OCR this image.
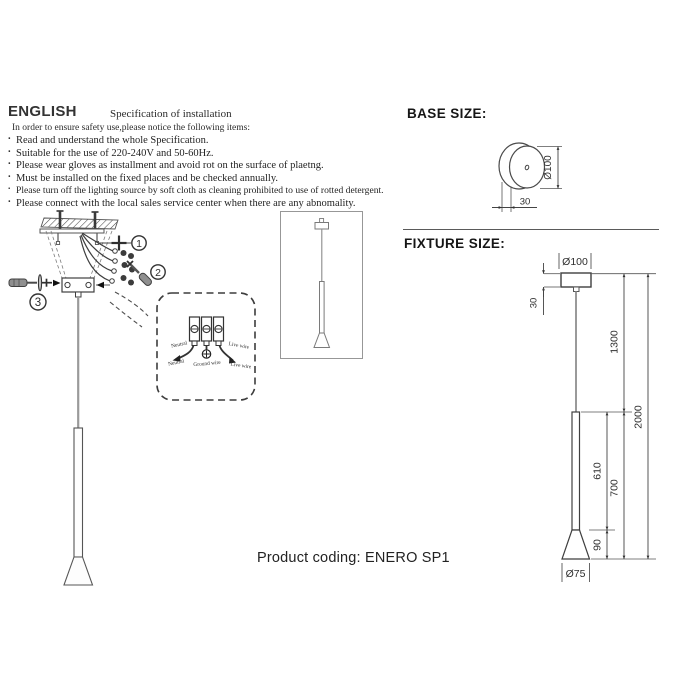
ENGLISH	Specification of installation
In order to ensure safety use,please notice the following items:
. Read and understand the whole Specification.
. Suitable for the use of 220-240V and 50-60Hz.
. Please wear gloves as installment and avoid rot on the surface of plaetng.
. Must be installed on the fixed places and be checked annually.
. Please turn off the lighting source by soft cloth as cleaning prohibited to use of rotted detergent.
. Please connect with the local sales service center when there are any abnomality.
1
2
3
Neutral	Live wire
Neutral Ground wire Live wire
BASE SIZE:
Ø100
30
FIXTURE SIZE:
Ø100
Ø75
30
1300
700
610
90
2000
Product coding: ENERO SP1
